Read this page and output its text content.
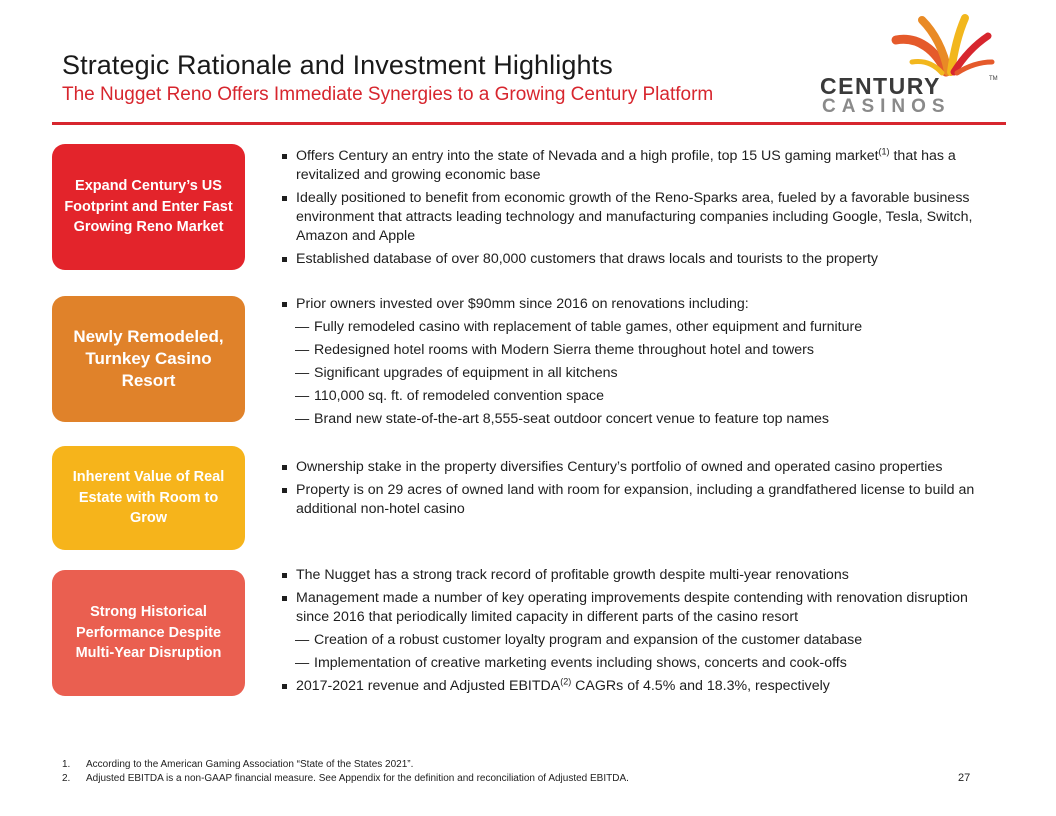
Strategic Rationale and Investment Highlights
The Nugget Reno Offers Immediate Synergies to a Growing Century Platform	CENTURY	TM
CASINOS
Expand Century’s US Footprint and Enter Fast Growing Reno Market
Offers Century an entry into the state of Nevada and a high profile, top 15 US gaming market$^{(1)}$ that has a revitalized and growing economic base
Ideally positioned to benefit from economic growth of the Reno-Sparks area, fueled by a favorable business environment that attracts leading technology and manufacturing companies including Google, Tesla, Switch, Amazon and Apple
Established database of over 80,000 customers that draws locals and tourists to the property
Newly Remodeled, Turnkey Casino Resort
Prior owners invested over $90mm since 2016 on renovations including:
— Fully remodeled casino with replacement of table games, other equipment and furniture
— Redesigned hotel rooms with Modern Sierra theme throughout hotel and towers
— Significant upgrades of equipment in all kitchens
— 110,000 sq. ft. of remodeled convention space
— Brand new state-of-the-art 8,555-seat outdoor concert venue to feature top names
Inherent Value of Real Estate with Room to Grow
Ownership stake in the property diversifies Century’s portfolio of owned and operated casino properties
Property is on 29 acres of owned land with room for expansion, including a grandfathered license to build an additional non-hotel casino
Strong Historical Performance Despite Multi-Year Disruption
The Nugget has a strong track record of profitable growth despite multi-year renovations
Management made a number of key operating improvements despite contending with renovation disruption since 2016 that periodically limited capacity in different parts of the casino resort
— Creation of a robust customer loyalty program and expansion of the customer database
— Implementation of creative marketing events including shows, concerts and cook-offs
2017-2021 revenue and Adjusted EBITDA$^{(2)}$ CAGRs of 4.5% and 18.3%, respectively
1. According to the American Gaming Association “State of the States 2021”.
2. Adjusted EBITDA is a non-GAAP financial measure. See Appendix for the definition and reconciliation of Adjusted EBITDA.	27
